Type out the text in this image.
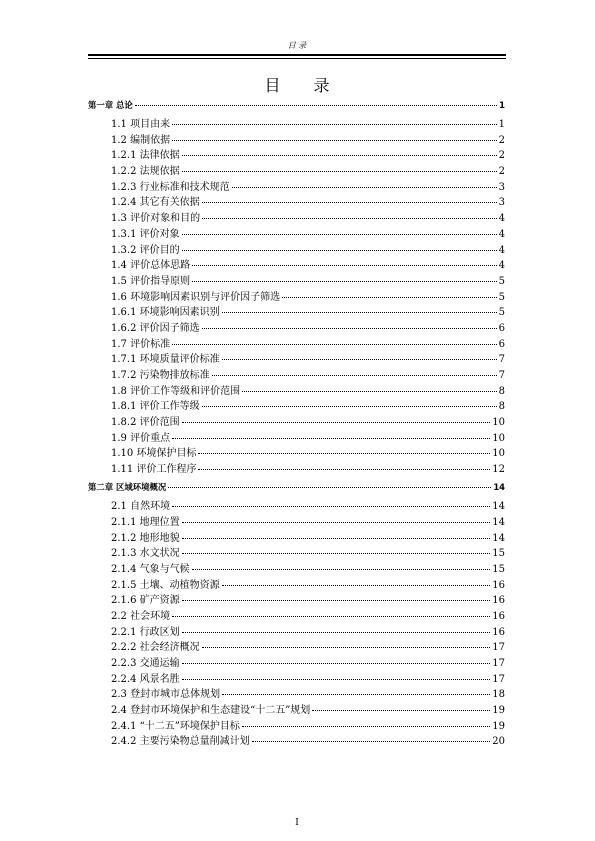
目 录
目 录
第一章 总论	1
1.1 项目由来	1
1.2 编制依据	2
1.2.1 法律依据	2
1.2.2 法规依据	2
1.2.3 行业标准和技术规范	3
1.2.4 其它有关依据	3
1.3 评价对象和目的	4
1.3.1 评价对象	4
1.3.2 评价目的	4
1.4 评价总体思路	4
1.5 评价指导原则	5
1.6 环境影响因素识别与评价因子筛选	5
1.6.1 环境影响因素识别	5
1.6.2 评价因子筛选	6
1.7 评价标准	6
1.7.1 环境质量评价标准	7
1.7.2 污染物排放标准	7
1.8 评价工作等级和评价范围	8
1.8.1 评价工作等级	8
1.8.2 评价范围	10
1.9 评价重点	10
1.10 环境保护目标	10
1.11 评价工作程序	12
第二章 区域环境概况	14
2.1 自然环境	14
2.1.1 地理位置	14
2.1.2 地形地貌	14
2.1.3 水文状况	15
2.1.4 气象与气候	15
2.1.5 土壤、动植物资源	16
2.1.6 矿产资源	16
2.2 社会环境	16
2.2.1 行政区划	16
2.2.2 社会经济概况	17
2.2.3 交通运输	17
2.2.4 风景名胜	17
2.3 登封市城市总体规划	18
2.4 登封市环境保护和生态建设“十二五”规划	19
2.4.1 “十二五”环境保护目标	19
2.4.2 主要污染物总量削减计划	20
I
